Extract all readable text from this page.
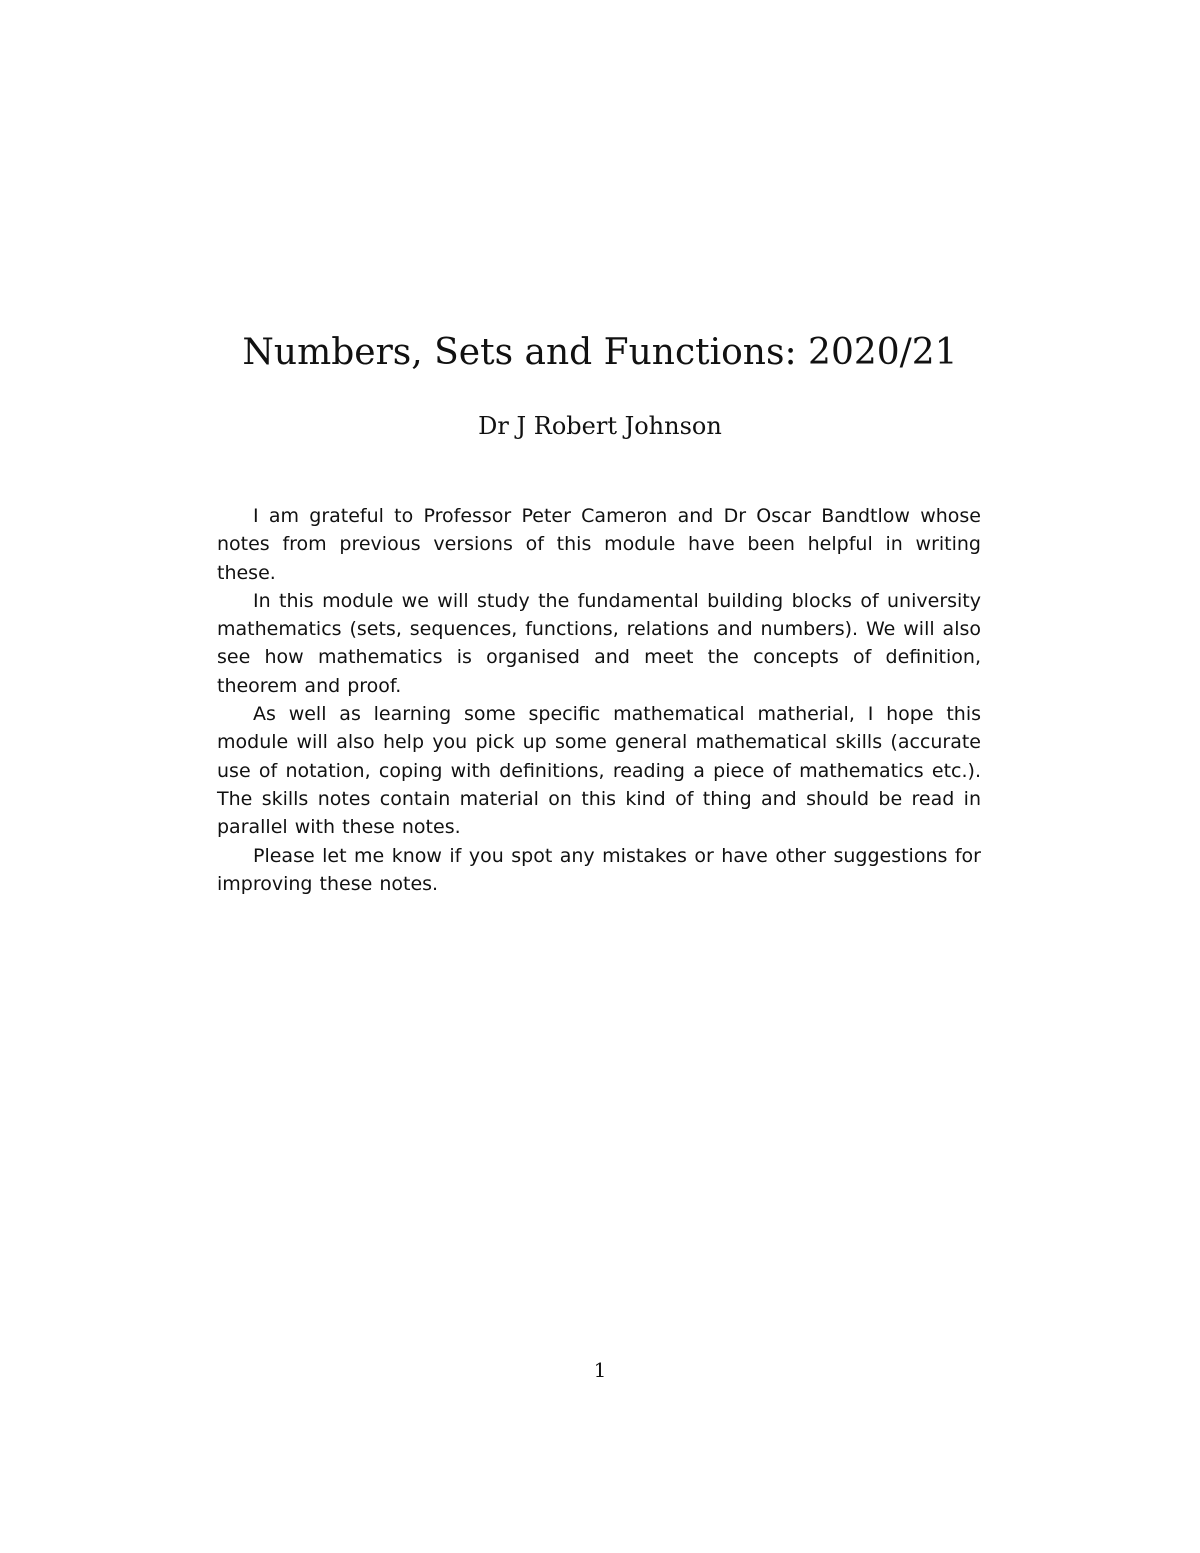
Numbers, Sets and Functions: 2020/21
Dr J Robert Johnson

I am grateful to Professor Peter Cameron and Dr Oscar Bandtlow whose notes from previous versions of this module have been helpful in writing these.

In this module we will study the fundamental building blocks of university mathematics (sets, sequences, functions, relations and numbers). We will also see how mathematics is organised and meet the concepts of definition, theorem and proof.

As well as learning some specific mathematical matherial, I hope this module will also help you pick up some general mathematical skills (accurate use of notation, coping with definitions, reading a piece of mathematics etc.). The skills notes contain material on this kind of thing and should be read in parallel with these notes.

Please let me know if you spot any mistakes or have other suggestions for improving these notes.

1
